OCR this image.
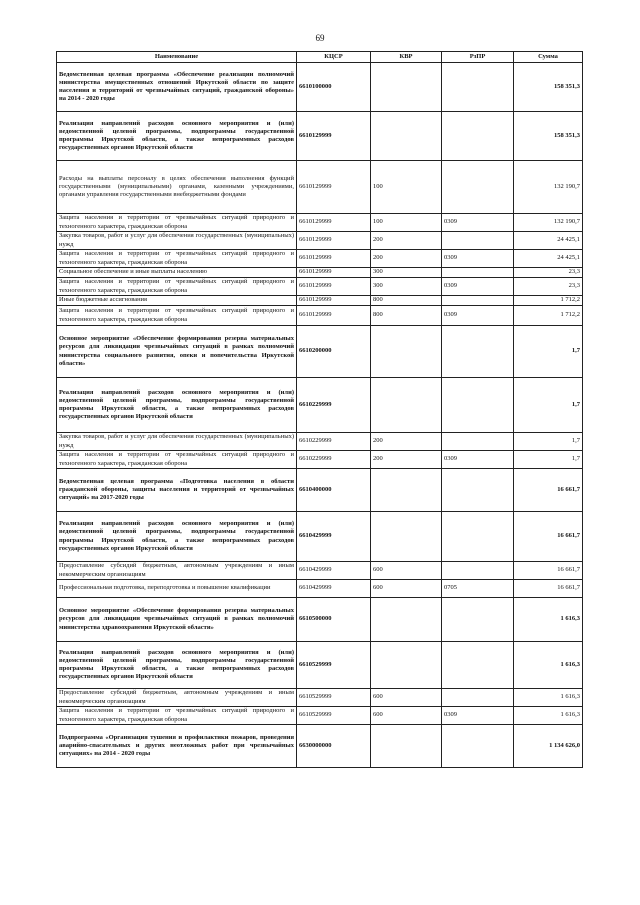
69
Наименование	КЦСР	КВР	РзПР	Сумма
Ведомственная целевая программа «Обеспечение реализации полномочий министерства имущественных отношений Иркутской области по защите населения и территорий от чрезвычайных ситуаций, гражданской обороны» на 2014 - 2020 годы	6610100000			158 351,3
Реализация направлений расходов основного мероприятия и (или) ведомственной целевой программы, подпрограммы государственной программы Иркутской области, а также непрограммных расходов государственных органов Иркутской области	6610129999			158 351,3
Расходы на выплаты персоналу в целях обеспечения выполнения функций государственными (муниципальными) органами, казенными учреждениями, органами управления государственными внебюджетными фондами	6610129999	100		132 190,7
Защита населения и территории от чрезвычайных ситуаций природного и техногенного характера, гражданская оборона	6610129999	100	0309	132 190,7
Закупка товаров, работ и услуг для обеспечения государственных (муниципальных) нужд	6610129999	200		24 425,1
Защита населения и территории от чрезвычайных ситуаций природного и техногенного характера, гражданская оборона	6610129999	200	0309	24 425,1
Социальное обеспечение и иные выплаты населению	6610129999	300		23,3
Защита населения и территории от чрезвычайных ситуаций природного и техногенного характера, гражданская оборона	6610129999	300	0309	23,3
Иные бюджетные ассигнования	6610129999	800		1 712,2
Защита населения и территории от чрезвычайных ситуаций природного и техногенного характера, гражданская оборона	6610129999	800	0309	1 712,2
Основное мероприятие «Обеспечение формирования резерва материальных ресурсов для ликвидации чрезвычайных ситуаций в рамках полномочий министерства социального развития, опеки и попечительства Иркутской области»	6610200000			1,7
Реализация направлений расходов основного мероприятия и (или) ведомственной целевой программы, подпрограммы государственной программы Иркутской области, а также непрограммных расходов государственных органов Иркутской области	6610229999			1,7
Закупка товаров, работ и услуг для обеспечения государственных (муниципальных) нужд	6610229999	200		1,7
Защита населения и территории от чрезвычайных ситуаций природного и техногенного характера, гражданская оборона	6610229999	200	0309	1,7
Ведомственная целевая программа «Подготовка населения в области гражданской обороны, защиты населения и территорий от чрезвычайных ситуаций» на 2017-2020 годы	6610400000			16 661,7
Реализация направлений расходов основного мероприятия и (или) ведомственной целевой программы, подпрограммы государственной программы Иркутской области, а также непрограммных расходов государственных органов Иркутской области	6610429999			16 661,7
Предоставление субсидий бюджетным, автономным учреждениям и иным некоммерческим организациям	6610429999	600		16 661,7
Профессиональная подготовка, переподготовка и повышение квалификации	6610429999	600	0705	16 661,7
Основное мероприятие «Обеспечение формирования резерва материальных ресурсов для ликвидации чрезвычайных ситуаций в рамках полномочий министерства здравоохранения Иркутской области»	6610500000			1 616,3
Реализация направлений расходов основного мероприятия и (или) ведомственной целевой программы, подпрограммы государственной программы Иркутской области, а также непрограммных расходов государственных органов Иркутской области	6610529999			1 616,3
Предоставление субсидий бюджетным, автономным учреждениям и иным некоммерческим организациям	6610529999	600		1 616,3
Защита населения и территории от чрезвычайных ситуаций природного и техногенного характера, гражданская оборона	6610529999	600	0309	1 616,3
Подпрограмма «Организация тушения и профилактики пожаров, проведения аварийно-спасательных и других неотложных работ при чрезвычайных ситуациях» на 2014 - 2020 годы	6630000000			1 134 626,0
